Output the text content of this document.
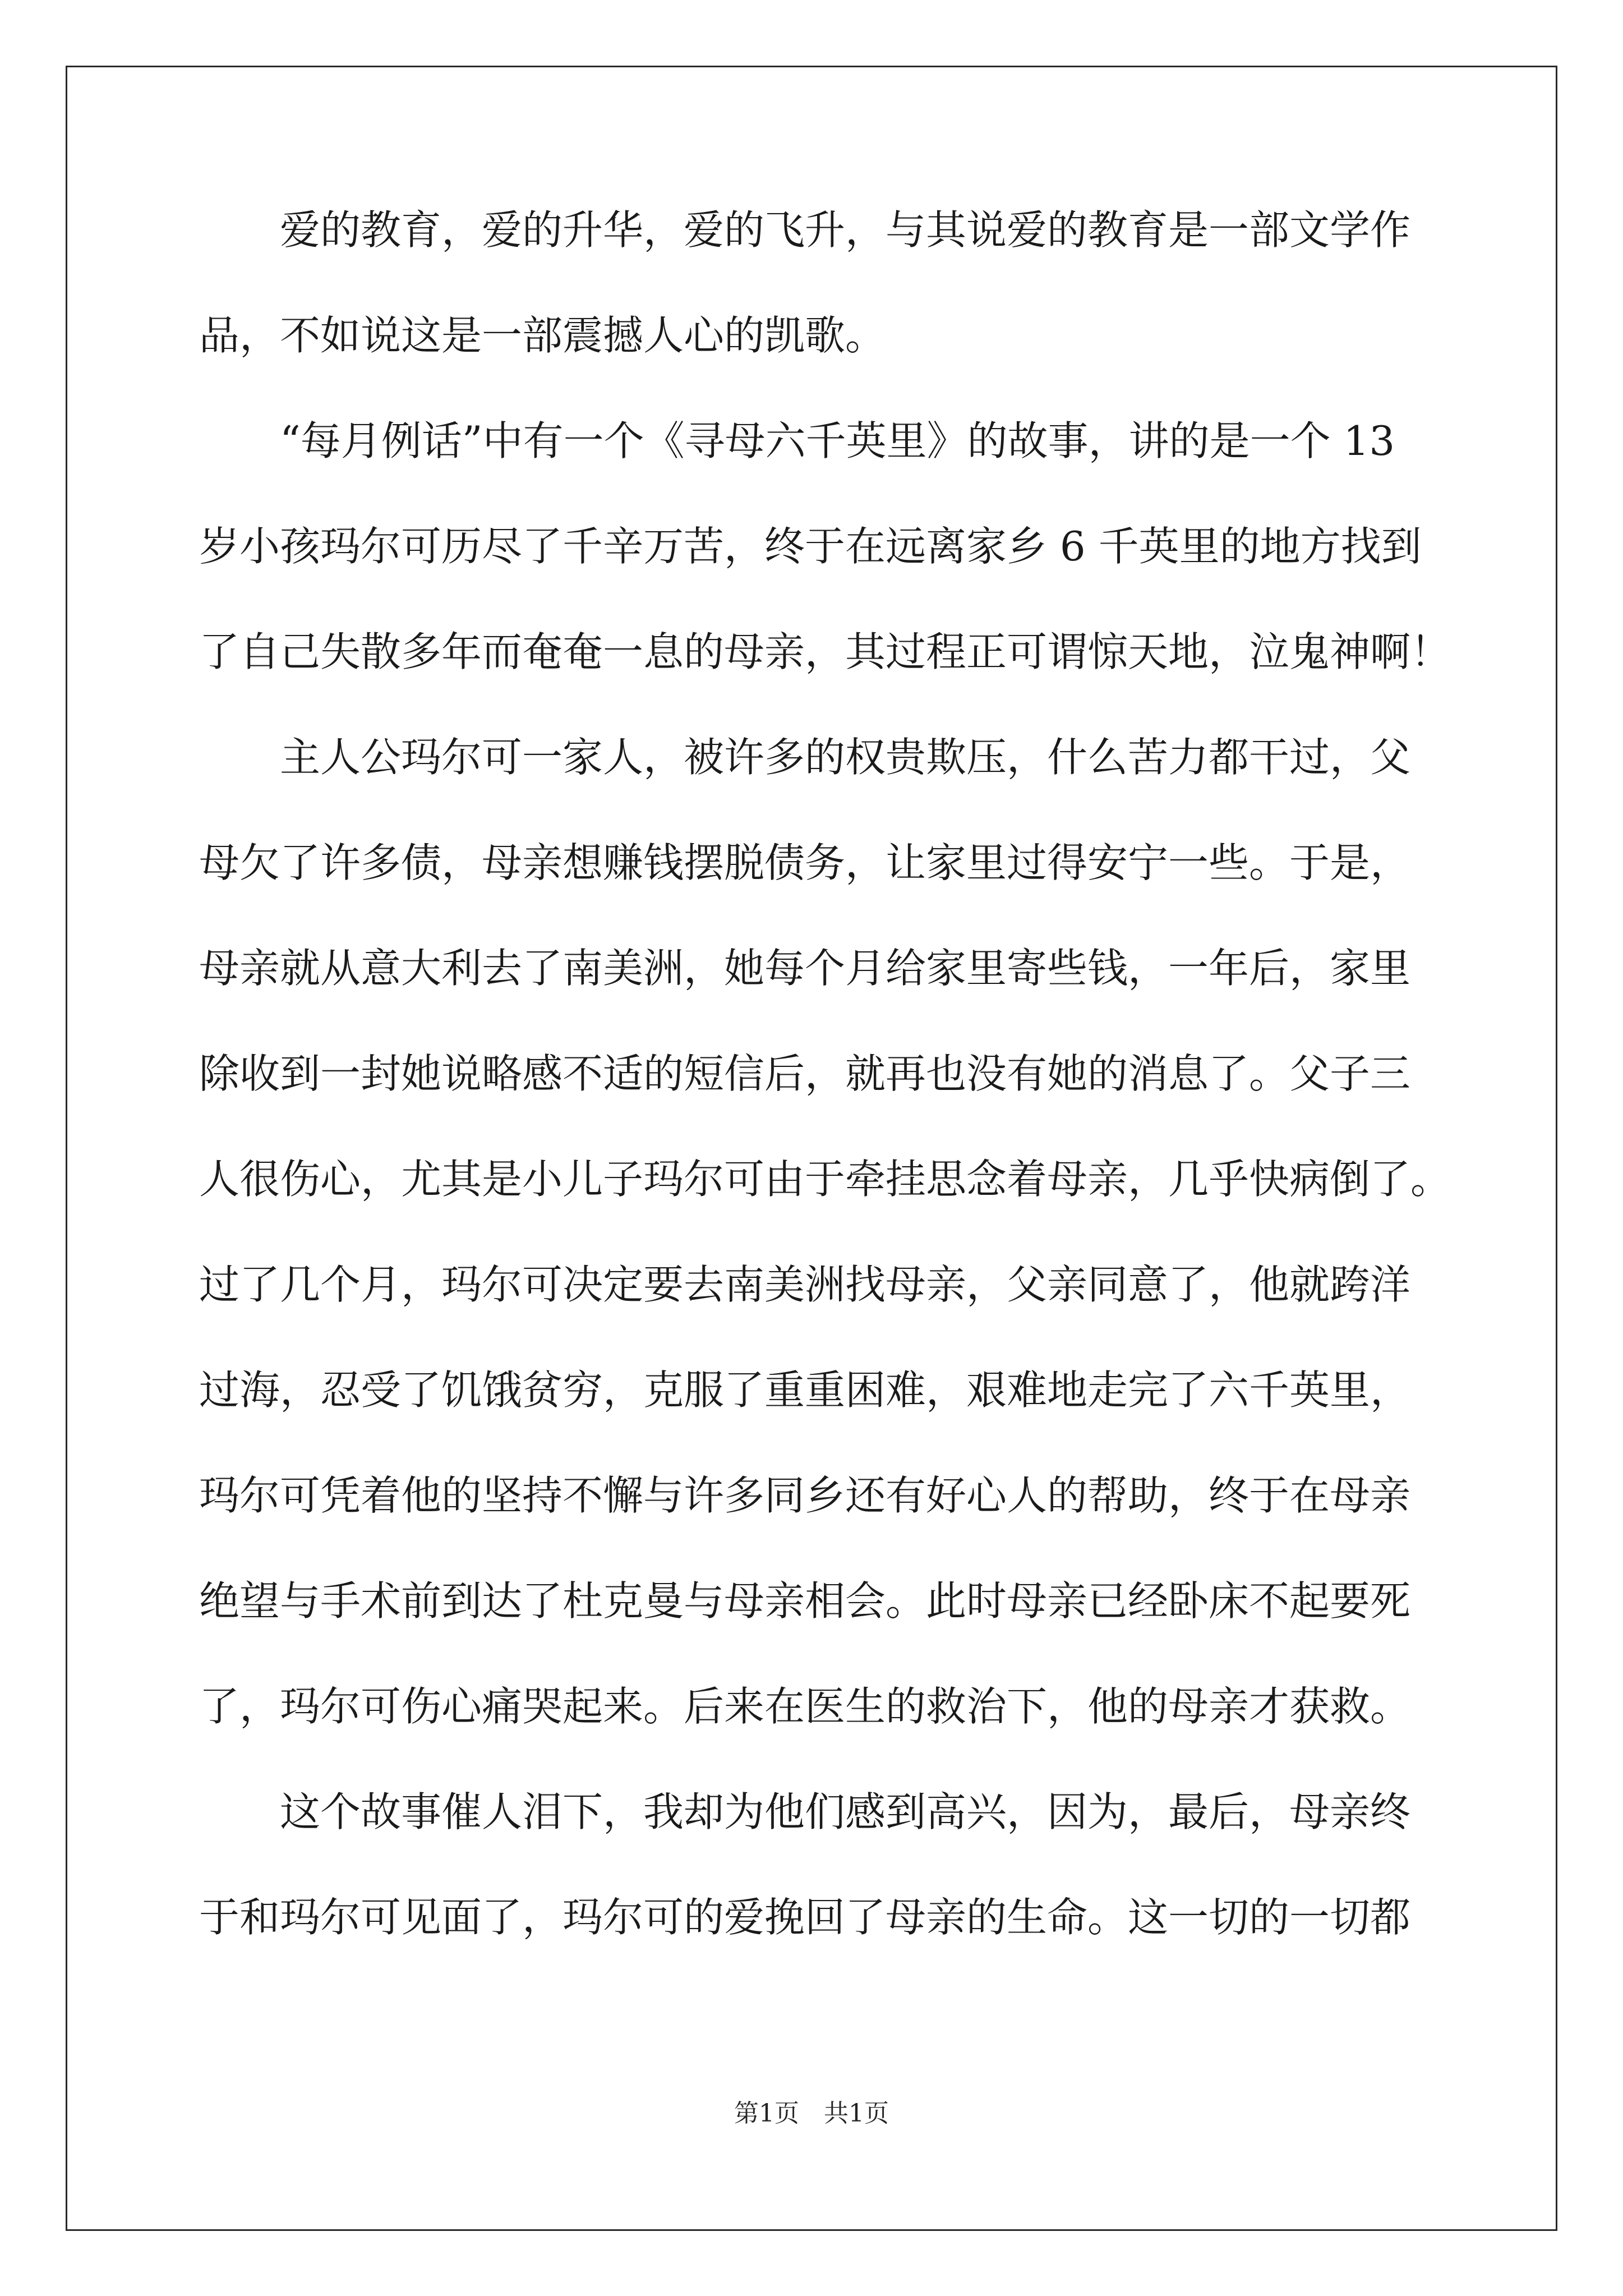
　　爱的教育，爱的升华，爱的飞升，与其说爱的教育是一部文学作
品，不如说这是一部震撼人心的凯歌。
　　“每月例话”中有一个《寻母六千英里》的故事，讲的是一个 13
岁小孩玛尔可历尽了千辛万苦，终于在远离家乡 6 千英里的地方找到
了自己失散多年而奄奄一息的母亲，其过程正可谓惊天地，泣鬼神啊！
　　主人公玛尔可一家人，被许多的权贵欺压，什么苦力都干过，父
母欠了许多债，母亲想赚钱摆脱债务，让家里过得安宁一些。于是，
母亲就从意大利去了南美洲，她每个月给家里寄些钱，一年后，家里
除收到一封她说略感不适的短信后，就再也没有她的消息了。父子三
人很伤心，尤其是小儿子玛尔可由于牵挂思念着母亲，几乎快病倒了。
过了几个月，玛尔可决定要去南美洲找母亲，父亲同意了，他就跨洋
过海，忍受了饥饿贫穷，克服了重重困难，艰难地走完了六千英里，
玛尔可凭着他的坚持不懈与许多同乡还有好心人的帮助，终于在母亲
绝望与手术前到达了杜克曼与母亲相会。此时母亲已经卧床不起要死
了，玛尔可伤心痛哭起来。后来在医生的救治下，他的母亲才获救。
　　这个故事催人泪下，我却为他们感到高兴，因为，最后，母亲终
于和玛尔可见面了，玛尔可的爱挽回了母亲的生命。这一切的一切都
第1页　共1页
